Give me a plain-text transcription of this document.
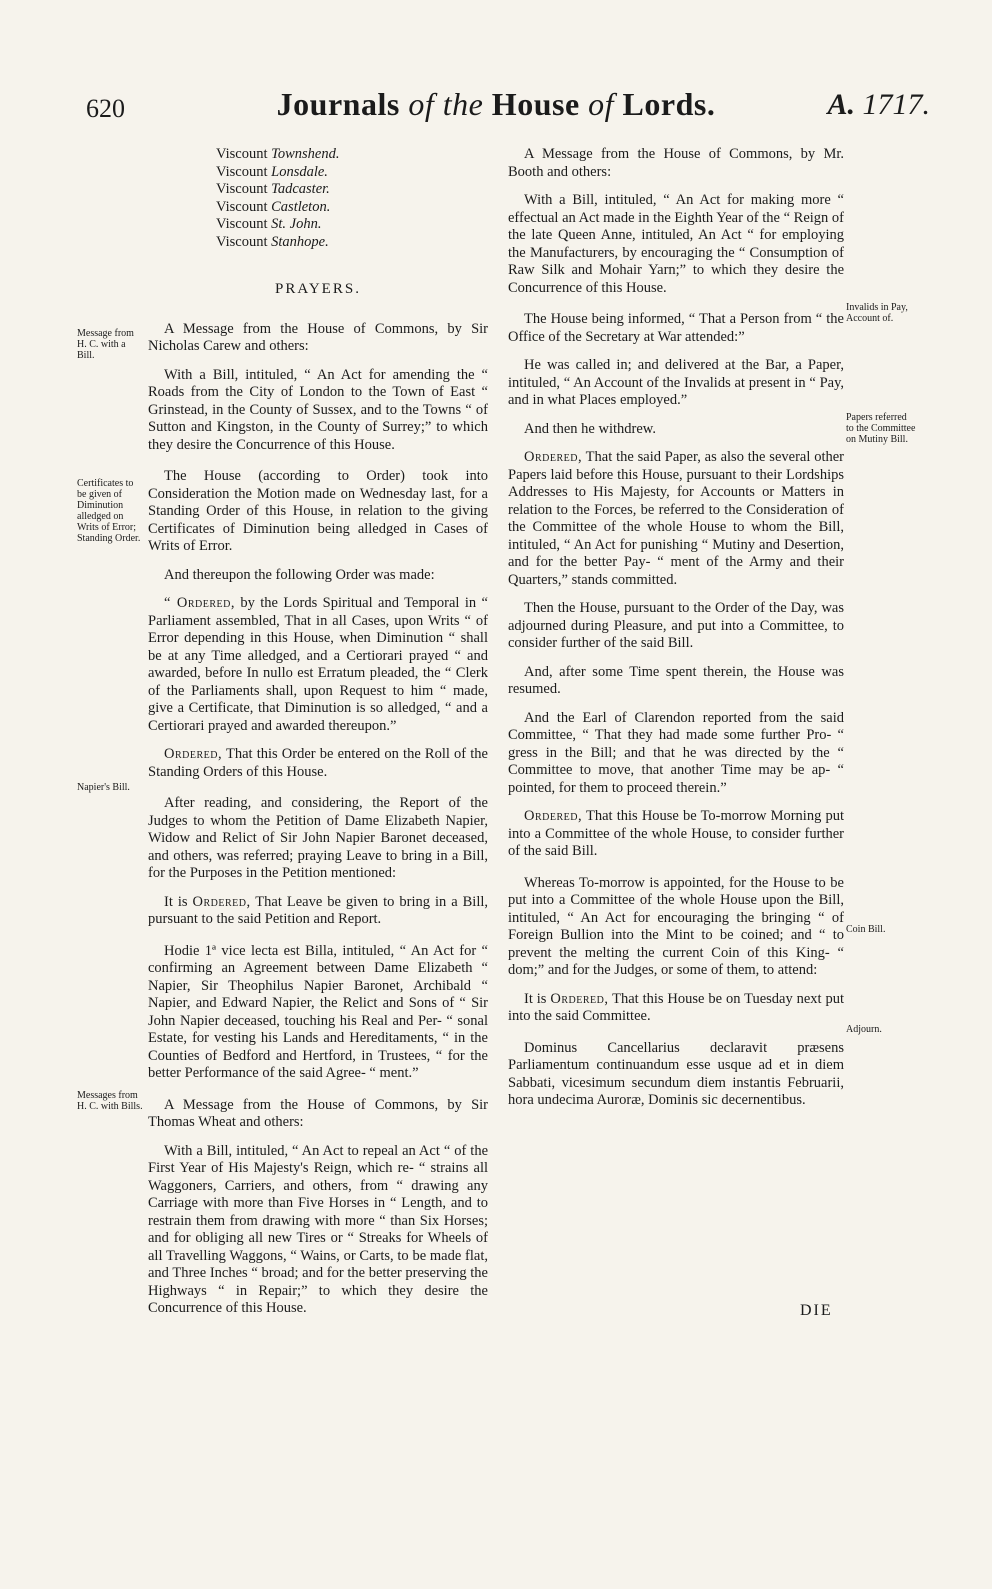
620	Journals of the House of Lords.	A. 1717.
Viscount Townshend.
Viscount Lonsdale.
Viscount Tadcaster.
Viscount Castleton.
Viscount St. John.
Viscount Stanhope.
PRAYERS.

A Message from the House of Commons, by Sir Nicholas Carew and others:

With a Bill, intituled, “ An Act for amending the “ Roads from the City of London to the Town of East “ Grinstead, in the County of Sussex, and to the Towns “ of Sutton and Kingston, in the County of Surrey;” to which they desire the Concurrence of this House.

The House (according to Order) took into Consideration the Motion made on Wednesday last, for a Standing Order of this House, in relation to the giving Certificates of Diminution being alledged in Cases of Writs of Error.

And thereupon the following Order was made:

“ Ordered, by the Lords Spiritual and Temporal in “ Parliament assembled, That in all Cases, upon Writs “ of Error depending in this House, when Diminution “ shall be at any Time alledged, and a Certiorari prayed “ and awarded, before In nullo est Erratum pleaded, the “ Clerk of the Parliaments shall, upon Request to him “ made, give a Certificate, that Diminution is so alledged, “ and a Certiorari prayed and awarded thereupon.”

Ordered, That this Order be entered on the Roll of the Standing Orders of this House.

After reading, and considering, the Report of the Judges to whom the Petition of Dame Elizabeth Napier, Widow and Relict of Sir John Napier Baronet deceased, and others, was referred; praying Leave to bring in a Bill, for the Purposes in the Petition mentioned:

It is Ordered, That Leave be given to bring in a Bill, pursuant to the said Petition and Report.

Hodie 1ª vice lecta est Billa, intituled, “ An Act for “ confirming an Agreement between Dame Elizabeth “ Napier, Sir Theophilus Napier Baronet, Archibald “ Napier, and Edward Napier, the Relict and Sons of “ Sir John Napier deceased, touching his Real and Per- “ sonal Estate, for vesting his Lands and Hereditaments, “ in the Counties of Bedford and Hertford, in Trustees, “ for the better Performance of the said Agree- “ ment.”

A Message from the House of Commons, by Sir Thomas Wheat and others:

With a Bill, intituled, “ An Act to repeal an Act “ of the First Year of His Majesty's Reign, which re- “ strains all Waggoners, Carriers, and others, from “ drawing any Carriage with more than Five Horses in “ Length, and to restrain them from drawing with more “ than Six Horses; and for obliging all new Tires or “ Streaks for Wheels of all Travelling Waggons, “ Wains, or Carts, to be made flat, and Three Inches “ broad; and for the better preserving the Highways “ in Repair;” to which they desire the Concurrence of this House.

A Message from the House of Commons, by Mr. Booth and others:

With a Bill, intituled, “ An Act for making more “ effectual an Act made in the Eighth Year of the “ Reign of the late Queen Anne, intituled, An Act “ for employing the Manufacturers, by encouraging the “ Consumption of Raw Silk and Mohair Yarn;” to which they desire the Concurrence of this House.

The House being informed, “ That a Person from “ the Office of the Secretary at War attended:”

He was called in; and delivered at the Bar, a Paper, intituled, “ An Account of the Invalids at present in “ Pay, and in what Places employed.”

And then he withdrew.

Ordered, That the said Paper, as also the several other Papers laid before this House, pursuant to their Lordships Addresses to His Majesty, for Accounts or Matters in relation to the Forces, be referred to the Consideration of the Committee of the whole House to whom the Bill, intituled, “ An Act for punishing “ Mutiny and Desertion, and for the better Pay- “ ment of the Army and their Quarters,” stands committed.

Then the House, pursuant to the Order of the Day, was adjourned during Pleasure, and put into a Committee, to consider further of the said Bill.

And, after some Time spent therein, the House was resumed.

And the Earl of Clarendon reported from the said Committee, “ That they had made some further Pro- “ gress in the Bill; and that he was directed by the “ Committee to move, that another Time may be ap- “ pointed, for them to proceed therein.”

Ordered, That this House be To-morrow Morning put into a Committee of the whole House, to consider further of the said Bill.

Whereas To-morrow is appointed, for the House to be put into a Committee of the whole House upon the Bill, intituled, “ An Act for encouraging the bringing “ of Foreign Bullion into the Mint to be coined; and “ to prevent the melting the current Coin of this King- “ dom;” and for the Judges, or some of them, to attend:

It is Ordered, That this House be on Tuesday next put into the said Committee.

Dominus Cancellarius declaravit præsens Parliamentum continuandum esse usque ad et in diem Sabbati, vicesimum secundum diem instantis Februarii, hora undecima Auroræ, Dominis sic decernentibus.

Message from H. C. with a Bill.
Certificates to be given of Diminution alledged on Writs of Error; Standing Order.
Napier's Bill.
Messages from H. C. with Bills.
Invalids in Pay, Account of.
Papers referred to the Committee on Mutiny Bill.
Coin Bill.
Adjourn.
DIE
